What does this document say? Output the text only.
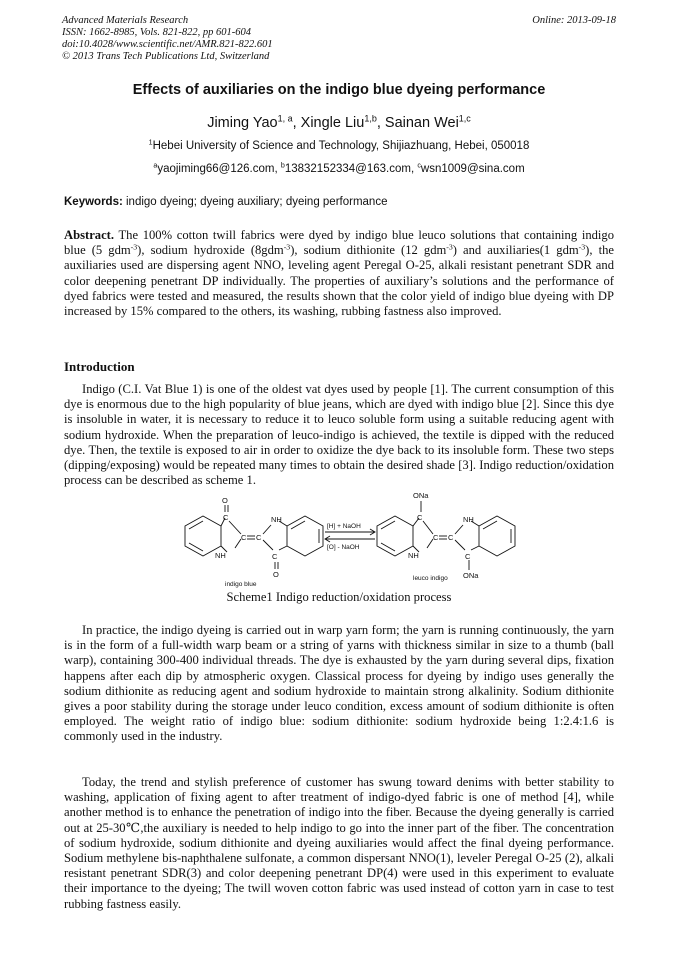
Advanced Materials Research
ISSN: 1662-8985, Vols. 821-822, pp 601-604
doi:10.4028/www.scientific.net/AMR.821-822.601
© 2013 Trans Tech Publications Ltd, Switzerland
Online: 2013-09-18
Effects of auxiliaries on the indigo blue dyeing performance
Jiming Yao$^{1, a}$, Xingle Liu$^{1,b}$, Sainan Wei$^{1,c}$
$^1$Hebei University of Science and Technology, Shijiazhuang, Hebei, 050018
$^a$yaojiming66@126.com, $^b$13832152334@163.com, $^c$wsn1009@sina.com
Keywords: indigo dyeing; dyeing auxiliary; dyeing performance
Abstract. The 100% cotton twill fabrics were dyed by indigo blue leuco solutions that containing indigo blue (5 gdm$^{-3}$), sodium hydroxide (8gdm$^{-3}$), sodium dithionite (12 gdm$^{-3}$) and auxiliaries(1 gdm$^{-3}$), the auxiliaries used are dispersing agent NNO, leveling agent Peregal O-25, alkali resistant penetrant SDR and color deepening penetrant DP individually. The properties of auxiliary’s solutions and the performance of dyed fabrics were tested and measured, the results shown that the color yield of indigo blue dyeing with DP increased by 15% compared to the others, its washing, rubbing fastness also improved.
Introduction
Indigo (C.I. Vat Blue 1) is one of the oldest vat dyes used by people [1]. The current consumption of this dye is enormous due to the high popularity of blue jeans, which are dyed with indigo blue [2]. Since this dye is insoluble in water, it is necessary to reduce it to leuco soluble form using a suitable reducing agent with sodium hydroxide. When the preparation of leuco-indigo is achieved, the textile is dipped with the reduced dye. Then, the textile is exposed to air in order to oxidize the dye back to its insoluble form. These two steps (dipping/exposing) would be repeated many times to obtain the desired shade [3]. Indigo reduction/oxidation process can be described as scheme 1.
O
C
NH
C C
NH
C
O
ONa
C
NH
C C
NH
C
ONa
[H] + NaOH
[O] - NaOH
indigo blue
leuco indigo
Scheme1 Indigo reduction/oxidation process
In practice, the indigo dyeing is carried out in warp yarn form; the yarn is running continuously, the yarn is in the form of a full-width warp beam or a string of yarns with thickness similar in size to a thumb (ball warp), containing 300-400 individual threads. The dye is exhausted by the yarn during several dips, fixation happens after each dip by atmospheric oxygen. Classical process for dyeing by indigo uses generally the sodium dithionite as reducing agent and sodium hydroxide to maintain strong alkalinity. Sodium dithionite gives a poor stability during the storage under leuco condition, excess amount of sodium dithionite is often employed. The weight ratio of indigo blue: sodium dithionite: sodium hydroxide being 1:2.4:1.6 is commonly used in the industry.
Today, the trend and stylish preference of customer has swung toward denims with better stability to washing, application of fixing agent to after treatment of indigo-dyed fabric is one of method [4], while another method is to enhance the penetration of indigo into the fiber. Because the dyeing generally is carried out at 25-30℃,the auxiliary is needed to help indigo to go into the inner part of the fiber. The concentration of sodium hydroxide, sodium dithionite and dyeing auxiliaries would affect the final dyeing performance. Sodium methylene bis-naphthalene sulfonate, a common dispersant NNO(1), leveler Peregal O-25 (2), alkali resistant penetrant SDR(3) and color deepening penetrant DP(4) were used in this experiment to evaluate their importance to the dyeing; The twill woven cotton fabric was used instead of cotton yarn in case to test rubbing fastness easily.
